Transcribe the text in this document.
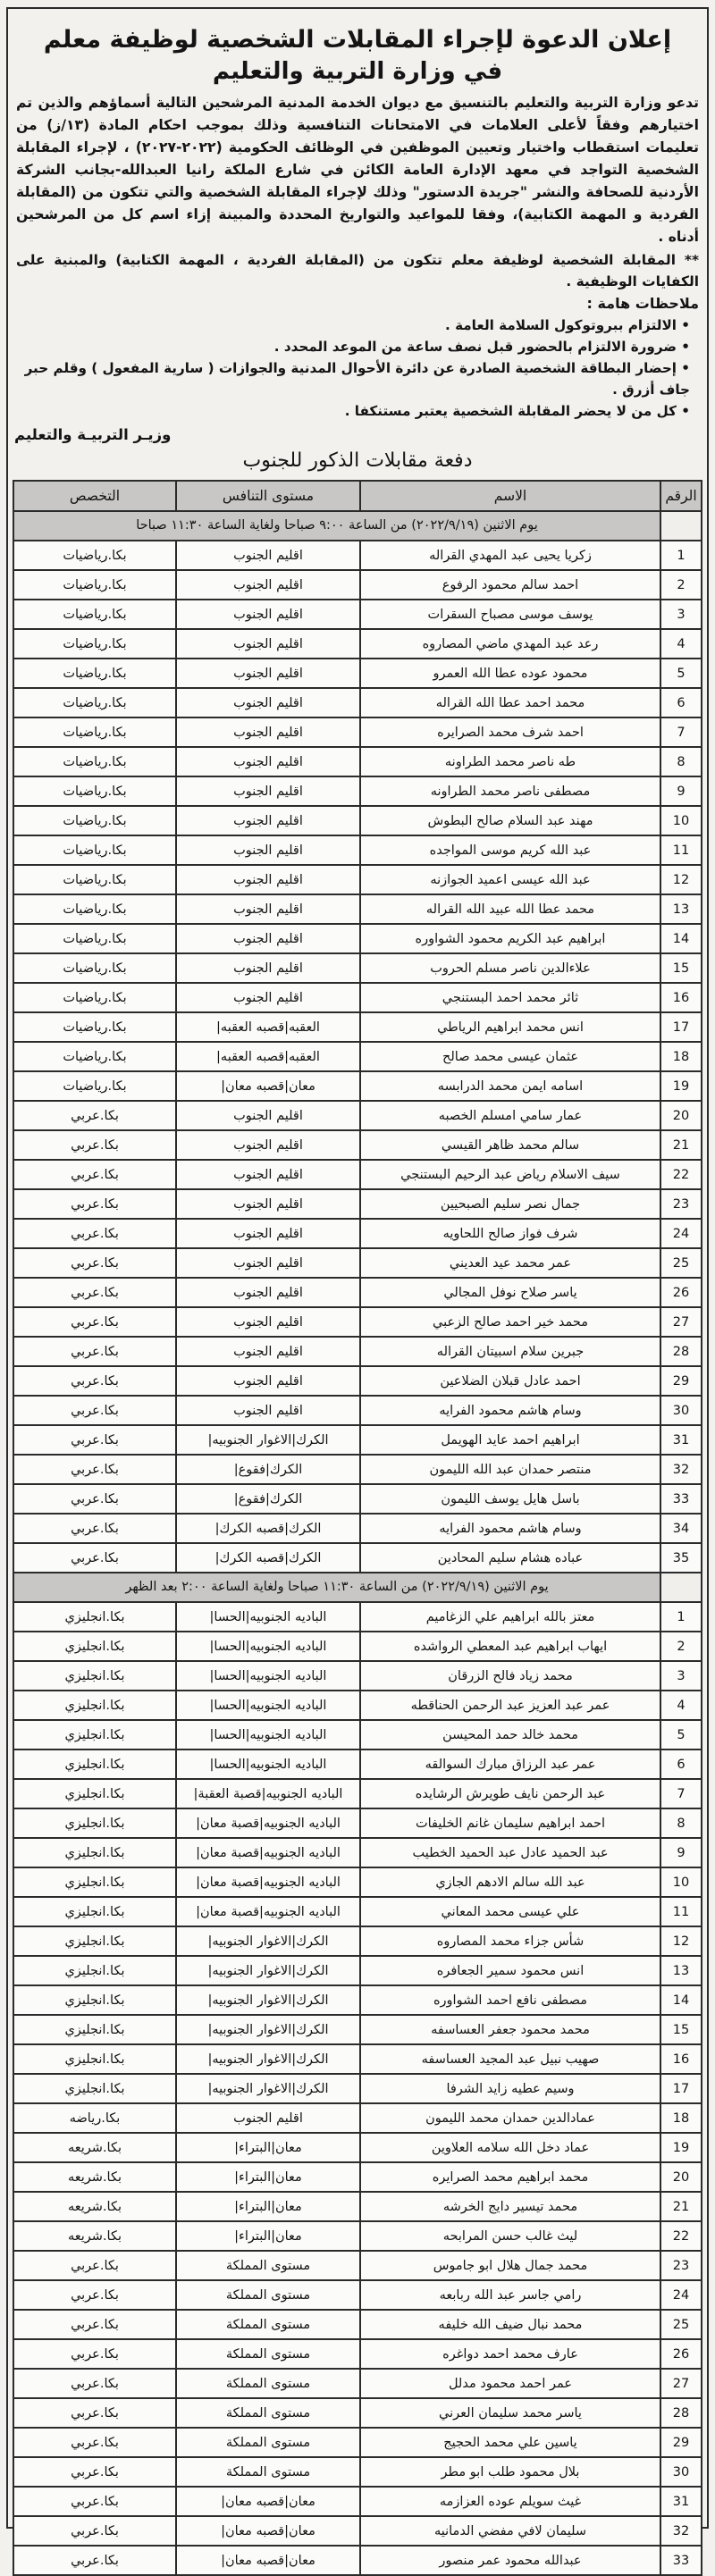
إعلان الدعوة لإجراء المقابلات الشخصية لوظيفة معلم
في وزارة التربية والتعليم
تدعو وزارة التربية والتعليم بالتنسيق مع ديوان الخدمة المدنية المرشحين التالية أسماؤهم والذين تم اختيارهم وفقاً لأعلى العلامات في الامتحانات التنافسية وذلك بموجب احكام المادة (١٣/ز) من تعليمات استقطاب واختيار وتعيين الموظفين في الوظائف الحكومية (٢٠٢٢-٢٠٢٧) ، لإجراء المقابلة الشخصية التواجد في معهد الإدارة العامة الكائن في شارع الملكة رانيا العبدالله-بجانب الشركة الأردنية للصحافة والنشر "جريدة الدستور" وذلك لإجراء المقابلة الشخصية والتي تتكون من (المقابلة الفردية و المهمة الكتابية)، وفقا للمواعيد والتواريخ المحددة والمبينة إزاء اسم كل من المرشحين أدناه .
** المقابلة الشخصية لوظيفة معلم تتكون من (المقابلة الفردية ، المهمة الكتابية) والمبنية على الكفايات الوظيفية .
ملاحظات هامة :
• الالتزام ببروتوكول السلامة العامة .
• ضرورة الالتزام بالحضور قبل نصف ساعة من الموعد المحدد .
• إحضار البطاقة الشخصية الصادرة عن دائرة الأحوال المدنية والجوازات ( سارية المفعول ) وقلم حبر جاف أزرق .
• كل من لا يحضر المقابلة الشخصية يعتبر مستنكفا .
وزيـر التربيـة والتعليم
دفعة مقابلات الذكور للجنوب
الرقم	الاسم	مستوى التنافس	التخصص
	يوم الاثنين (٢٠٢٢/٩/١٩) من الساعة ٩:٠٠ صباحا ولغاية الساعة ١١:٣٠ صباحا		
1	زكريا يحيى عبد المهدي القراله	اقليم الجنوب	بكا.رياضيات
2	احمد سالم محمود الرفوع	اقليم الجنوب	بكا.رياضيات
3	يوسف موسى مصباح السقرات	اقليم الجنوب	بكا.رياضيات
4	رعد عبد المهدي ماضي المصاروه	اقليم الجنوب	بكا.رياضيات
5	محمود عوده عطا الله العمرو	اقليم الجنوب	بكا.رياضيات
6	محمد احمد عطا الله القراله	اقليم الجنوب	بكا.رياضيات
7	احمد شرف محمد الصرايره	اقليم الجنوب	بكا.رياضيات
8	طه ناصر محمد الطراونه	اقليم الجنوب	بكا.رياضيات
9	مصطفى ناصر محمد الطراونه	اقليم الجنوب	بكا.رياضيات
10	مهند عبد السلام صالح البطوش	اقليم الجنوب	بكا.رياضيات
11	عبد الله كريم موسى المواجده	اقليم الجنوب	بكا.رياضيات
12	عبد الله عيسى اعميد الجوازنه	اقليم الجنوب	بكا.رياضيات
13	محمد عطا الله عبيد الله القراله	اقليم الجنوب	بكا.رياضيات
14	ابراهيم عبد الكريم محمود الشواوره	اقليم الجنوب	بكا.رياضيات
15	علاءالدين ناصر مسلم الحروب	اقليم الجنوب	بكا.رياضيات
16	ثائر محمد احمد البستنجي	اقليم الجنوب	بكا.رياضيات
17	انس محمد ابراهيم الرياطي	العقبه|قصبه العقبه|	بكا.رياضيات
18	عثمان عيسى محمد صالح	العقبه|قصبه العقبه|	بكا.رياضيات
19	اسامه ايمن محمد الدرابسه	معان|قصبه معان|	بكا.رياضيات
20	عمار سامي امسلم الخصبه	اقليم الجنوب	بكا.عربي
21	سالم محمد ظاهر القيسي	اقليم الجنوب	بكا.عربي
22	سيف الاسلام رياض عبد الرحيم البستنجي	اقليم الجنوب	بكا.عربي
23	جمال نصر سليم الصبحيين	اقليم الجنوب	بكا.عربي
24	شرف فواز صالح اللحاويه	اقليم الجنوب	بكا.عربي
25	عمر محمد عيد العديني	اقليم الجنوب	بكا.عربي
26	ياسر صلاح نوفل المجالي	اقليم الجنوب	بكا.عربي
27	محمد خير احمد صالح الزعبي	اقليم الجنوب	بكا.عربي
28	جبرين سلام اسبيتان القراله	اقليم الجنوب	بكا.عربي
29	احمد عادل قبلان الضلاعين	اقليم الجنوب	بكا.عربي
30	وسام هاشم محمود الفرايه	اقليم الجنوب	بكا.عربي
31	ابراهيم احمد عايد الهويمل	الكرك|الاغوار الجنوبيه|	بكا.عربي
32	منتصر حمدان عبد الله الليمون	الكرك|فقوع|	بكا.عربي
33	باسل هايل يوسف الليمون	الكرك|فقوع|	بكا.عربي
34	وسام هاشم محمود الفرايه	الكرك|قصبه الكرك|	بكا.عربي
35	عباده هشام سليم المحادين	الكرك|قصبه الكرك|	بكا.عربي
	يوم الاثنين (٢٠٢٢/٩/١٩) من الساعة ١١:٣٠ صباحا ولغاية الساعة ٢:٠٠ بعد الظهر		
1	معتز بالله ابراهيم علي الزغاميم	الباديه الجنوبيه|الحسا|	بكا.انجليزي
2	ايهاب ابراهيم عبد المعطي الرواشده	الباديه الجنوبيه|الحسا|	بكا.انجليزي
3	محمد زياد فالح الزرقان	الباديه الجنوبيه|الحسا|	بكا.انجليزي
4	عمر عبد العزيز عبد الرحمن الحناقطه	الباديه الجنوبيه|الحسا|	بكا.انجليزي
5	محمد خالد حمد المحيسن	الباديه الجنوبيه|الحسا|	بكا.انجليزي
6	عمر عبد الرزاق مبارك السوالقه	الباديه الجنوبيه|الحسا|	بكا.انجليزي
7	عبد الرحمن نايف طويرش الرشايده	الباديه الجنوبيه|قصبة العقبة|	بكا.انجليزي
8	احمد ابراهيم سليمان غانم الخليفات	الباديه الجنوبيه|قصبة معان|	بكا.انجليزي
9	عبد الحميد عادل عبد الحميد الخطيب	الباديه الجنوبيه|قصبة معان|	بكا.انجليزي
10	عبد الله سالم الادهم الجازي	الباديه الجنوبيه|قصبة معان|	بكا.انجليزي
11	علي عيسى محمد المعاني	الباديه الجنوبيه|قصبة معان|	بكا.انجليزي
12	شأس جزاء محمد المصاروه	الكرك|الاغوار الجنوبيه|	بكا.انجليزي
13	انس محمود سمير الجعافره	الكرك|الاغوار الجنوبيه|	بكا.انجليزي
14	مصطفى نافع احمد الشواوره	الكرك|الاغوار الجنوبيه|	بكا.انجليزي
15	محمد محمود جعفر العساسفه	الكرك|الاغوار الجنوبيه|	بكا.انجليزي
16	صهيب نبيل عبد المجيد العساسفه	الكرك|الاغوار الجنوبيه|	بكا.انجليزي
17	وسيم عطيه زايد الشرفا	الكرك|الاغوار الجنوبيه|	بكا.انجليزي
18	عمادالدين حمدان محمد الليمون	اقليم الجنوب	بكا.رياضه
19	عماد دخل الله سلامه العلاوين	معان|البتراء|	بكا.شريعه
20	محمد ابراهيم محمد الصرايره	معان|البتراء|	بكا.شريعه
21	محمد تيسير دايج الخرشه	معان|البتراء|	بكا.شريعه
22	ليث غالب حسن المرابحه	معان|البتراء|	بكا.شريعه
23	محمد جمال هلال ابو جاموس	مستوى المملكة	بكا.عربي
24	رامي جاسر عبد الله ربابعه	مستوى المملكة	بكا.عربي
25	محمد نبال ضيف الله خليفه	مستوى المملكة	بكا.عربي
26	عارف محمد احمد دواغره	مستوى المملكة	بكا.عربي
27	عمر احمد محمود مدلل	مستوى المملكة	بكا.عربي
28	ياسر محمد سليمان العرني	مستوى المملكة	بكا.عربي
29	ياسين علي محمد الحجيج	مستوى المملكة	بكا.عربي
30	بلال محمود طلب ابو مطر	مستوى المملكة	بكا.عربي
31	غيث سويلم عوده العزازمه	معان|قصبه معان|	بكا.عربي
32	سليمان لافي مفضي الدمانيه	معان|قصبه معان|	بكا.عربي
33	عبدالله محمود عمر منصور	معان|قصبه معان|	بكا.عربي
